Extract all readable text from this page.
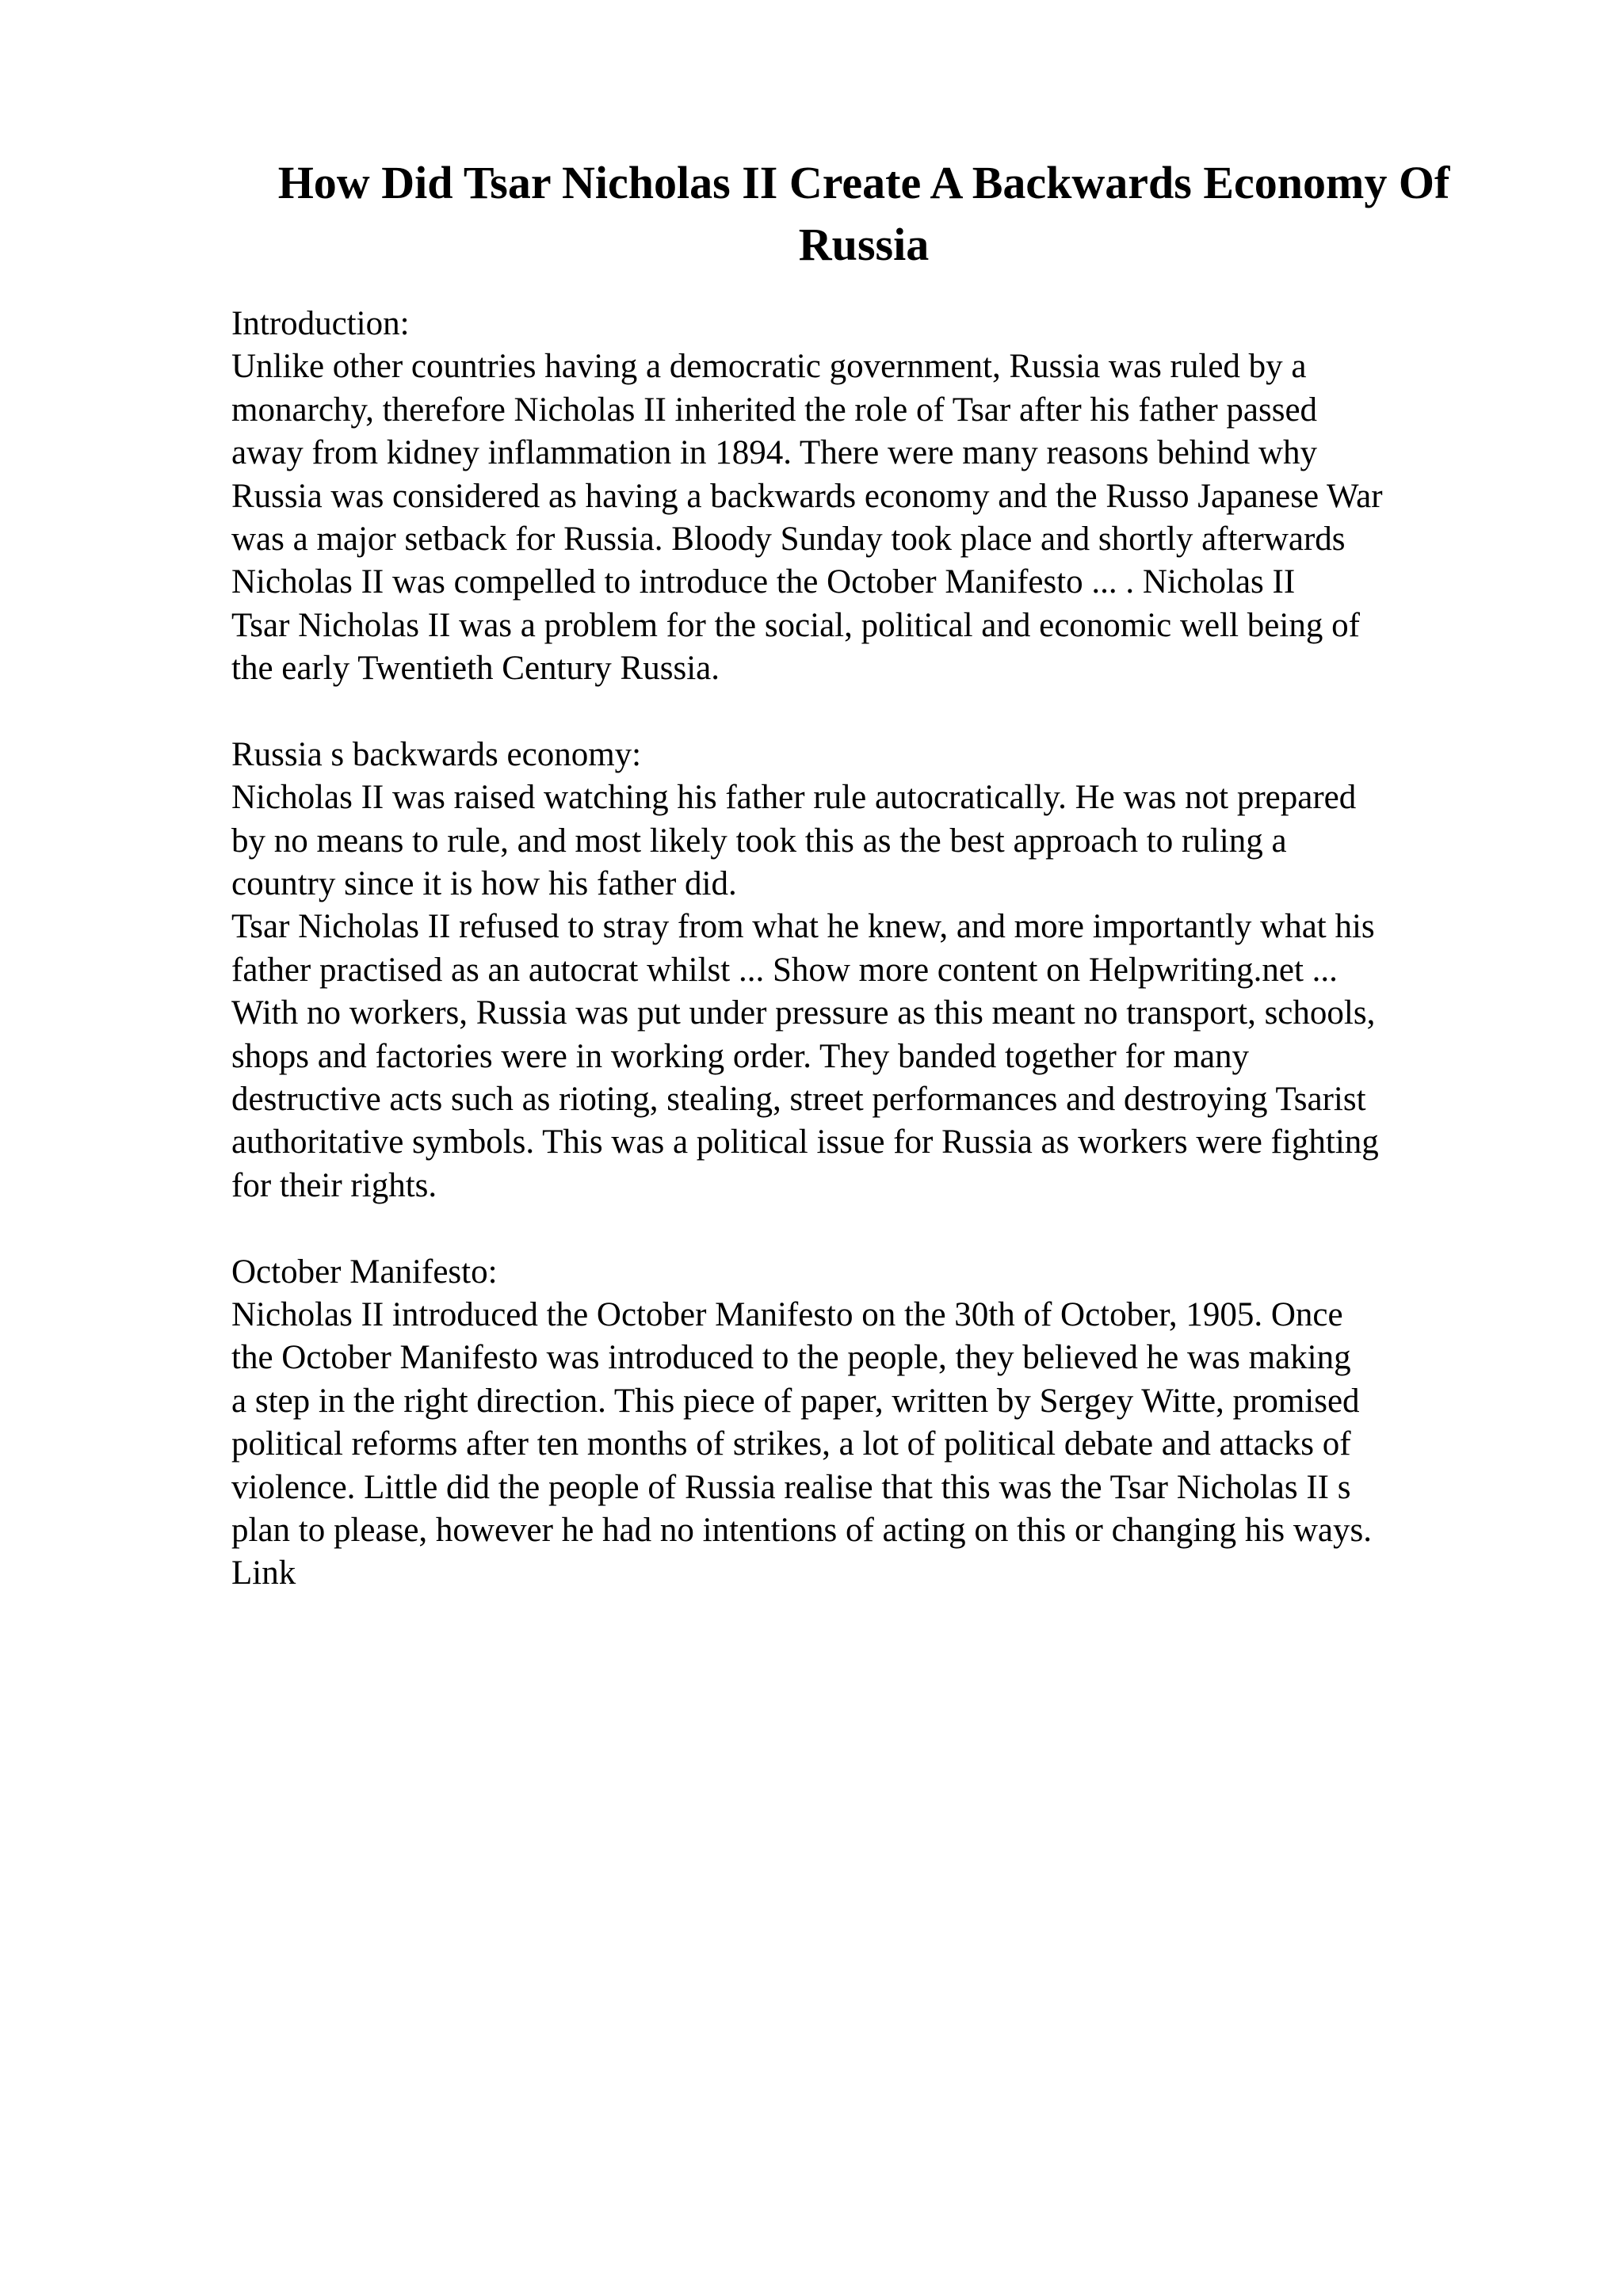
How Did Tsar Nicholas II Create A Backwards Economy Of
Russia
Introduction:
Unlike other countries having a democratic government, Russia was ruled by a
monarchy, therefore Nicholas II inherited the role of Tsar after his father passed
away from kidney inflammation in 1894. There were many reasons behind why
Russia was considered as having a backwards economy and the Russo Japanese War
was a major setback for Russia. Bloody Sunday took place and shortly afterwards
Nicholas II was compelled to introduce the October Manifesto ... . Nicholas II
Tsar Nicholas II was a problem for the social, political and economic well being of
the early Twentieth Century Russia.
Russia s backwards economy:
Nicholas II was raised watching his father rule autocratically. He was not prepared
by no means to rule, and most likely took this as the best approach to ruling a
country since it is how his father did.
Tsar Nicholas II refused to stray from what he knew, and more importantly what his
father practised as an autocrat whilst ... Show more content on Helpwriting.net ...
With no workers, Russia was put under pressure as this meant no transport, schools,
shops and factories were in working order. They banded together for many
destructive acts such as rioting, stealing, street performances and destroying Tsarist
authoritative symbols. This was a political issue for Russia as workers were fighting
for their rights.
October Manifesto:
Nicholas II introduced the October Manifesto on the 30th of October, 1905. Once
the October Manifesto was introduced to the people, they believed he was making
a step in the right direction. This piece of paper, written by Sergey Witte, promised
political reforms after ten months of strikes, a lot of political debate and attacks of
violence. Little did the people of Russia realise that this was the Tsar Nicholas II s
plan to please, however he had no intentions of acting on this or changing his ways.
Link
